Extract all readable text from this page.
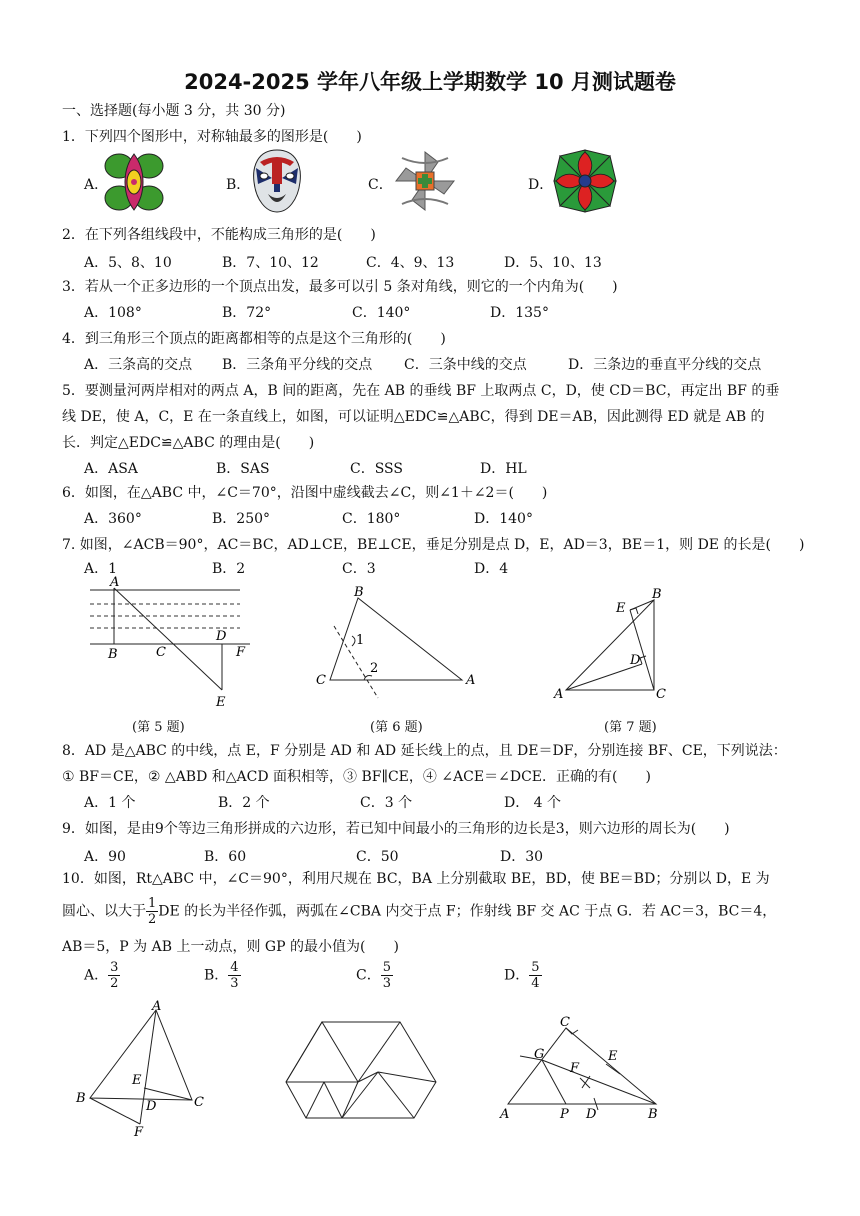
2024-2025 学年八年级上学期数学 10 月测试题卷
一、选择题(每小题 3 分，共 30 分)
1．下列四个图形中，对称轴最多的图形是(　　)
A．	B．	C．	D．
2．在下列各组线段中，不能构成三角形的是(　　)
A．5、8、10	B．7、10、12	C．4、9、13	D．5、10、13
3．若从一个正多边形的一个顶点出发，最多可以引 5 条对角线，则它的一个内角为(　　)
A．108°	B．72°	C．140°	D．135°
4．到三角形三个顶点的距离都相等的点是这个三角形的(　　)
A．三条高的交点 B．三条角平分线的交点 C．三条中线的交点	D．三条边的垂直平分线的交点
5．要测量河两岸相对的两点 A，B 间的距离，先在 AB 的垂线 BF 上取两点 C，D，使 CD＝BC，再定出 BF 的垂
线 DE，使 A，C，E 在一条直线上，如图，可以证明△EDC≌△ABC，得到 DE＝AB，因此测得 ED 就是 AB 的
长．判定△EDC≌△ABC 的理由是(　　)
A．ASA	B．SAS	C．SSS	D．HL
6．如图，在△ABC 中，∠C＝70°，沿图中虚线截去∠C，则∠1＋∠2＝(　　)
A．360°	B．250°	C．180°	D．140°
7. 如图，∠ACB＝90°，AC＝BC，AD⊥CE，BE⊥CE，垂足分别是点 D，E，AD＝3，BE＝1，则 DE 的长是(　　)
A．1	B．2	C．3	D．4
A
B	C
D
E
F
(第 5 题)
B
C	A
1
2
(第 6 题)
A
B
C
D
E
(第 7 题)
8．AD 是△ABC 的中线，点 E，F 分别是 AD 和 AD 延长线上的点，且 DE＝DF，分别连接 BF、CE，下列说法：
① BF＝CE，② △ABD 和△ACD 面积相等，③ BF∥CE，④ ∠ACE＝∠DCE．正确的有(　　)
A．1 个	B．2 个	C．3 个	D． 4 个
9．如图，是由9个等边三角形拼成的六边形，若已知中间最小的三角形的边长是3，则六边形的周长为(　　)
A．90	B．60	C．50	D．30
10．如图，Rt△ABC 中，∠C＝90°，利用尺规在 BC，BA 上分别截取 BE，BD，使 BE＝BD；分别以 D，E 为
圆心、以大于 $\frac{1}{2}$ DE 的长为半径作弧，两弧在∠CBA 内交于点 F；作射线 BF 交 AC 于点 G．若 AC＝3，BC＝4，
AB＝5，P 为 AB 上一动点，则 GP 的最小值为(　　)
A． $\frac{3}{2}$	B． $\frac{4}{3}$	C． $\frac{5}{3}$	D． $\frac{5}{4}$
A
B	C
D
E
F
C
G
F
E
A	P D	B
